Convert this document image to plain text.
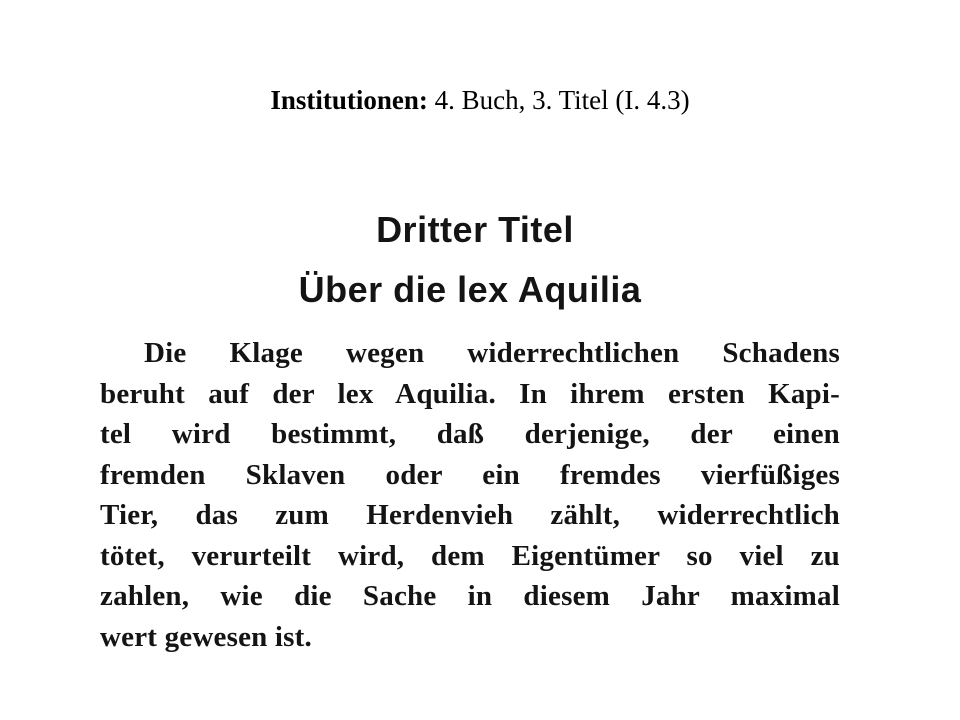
Institutionen: 4. Buch, 3. Titel (I. 4.3)
Dritter Titel
Über die lex Aquilia
Die Klage wegen widerrechtlichen Schadens
beruht auf der lex Aquilia. In ihrem ersten Kapi-
tel wird bestimmt, daß derjenige, der einen
fremden Sklaven oder ein fremdes vierfüßiges
Tier, das zum Herdenvieh zählt, widerrechtlich
tötet, verurteilt wird, dem Eigentümer so viel zu
zahlen, wie die Sache in diesem Jahr maximal
wert gewesen ist.
